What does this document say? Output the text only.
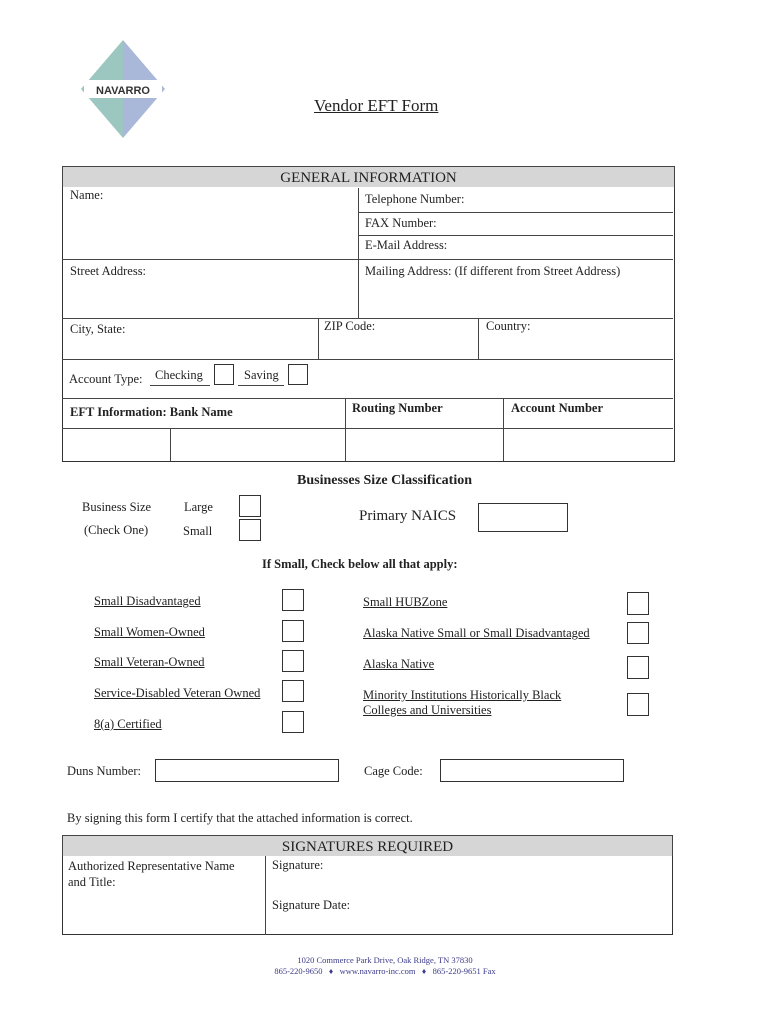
NAVARRO
Vendor EFT Form
GENERAL INFORMATION
Name:	Telephone Number:
FAX Number:
E-Mail Address:
Street Address:	Mailing Address: (If different from Street Address)
City, State:	ZIP Code:	Country:
Account Type: Checking	Saving
EFT Information: Bank Name	Routing Number	Account Number
Businesses Size Classification
Business Size
(Check One)
Large
Small
Primary NAICS
If Small, Check below all that apply:
Small Disadvantaged
Small Women-Owned
Small Veteran-Owned
Service-Disabled Veteran Owned
8(a) Certified
Small HUBZone
Alaska Native Small or Small Disadvantaged
Alaska Native
Minority Institutions Historically Black
Colleges and Universities
Duns Number:	Cage Code:
By signing this form I certify that the attached information is correct.
SIGNATURES REQUIRED
Authorized Representative Name
and Title:
Signature:
Signature Date:
1020 Commerce Park Drive, Oak Ridge, TN 37830
865-220-9650 ♦ www.navarro-inc.com ♦ 865-220-9651 Fax
